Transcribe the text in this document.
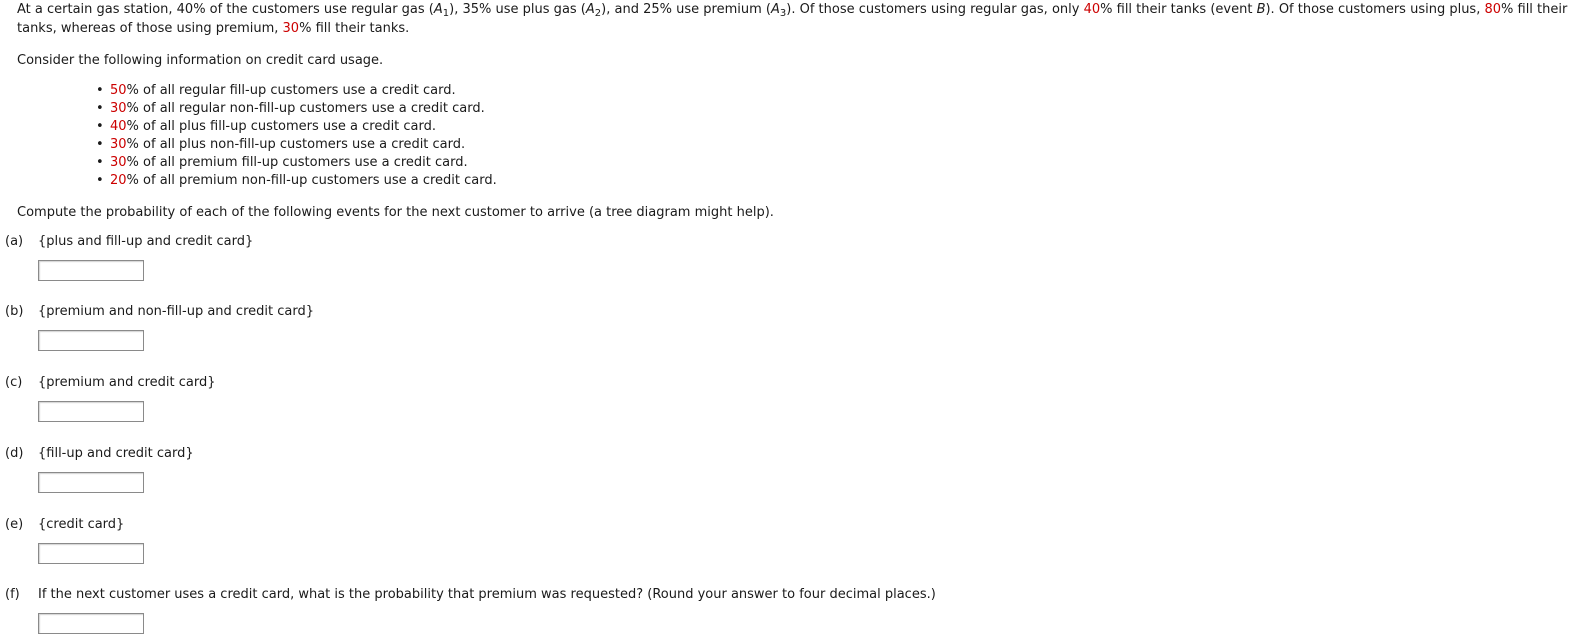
At a certain gas station, 40% of the customers use regular gas $(A_1)$, 35% use plus gas $(A_2)$, and 25% use premium $(A_3)$. Of those customers using regular gas, only 40% fill their tanks (event B). Of those customers using plus, 80% fill their tanks, whereas of those using premium, 30% fill their tanks.
Consider the following information on credit card usage.
• 50% of all regular fill-up customers use a credit card.
• 30% of all regular non-fill-up customers use a credit card.
• 40% of all plus fill-up customers use a credit card.
• 30% of all plus non-fill-up customers use a credit card.
• 30% of all premium fill-up customers use a credit card.
• 20% of all premium non-fill-up customers use a credit card.
Compute the probability of each of the following events for the next customer to arrive (a tree diagram might help).
(a) {plus and fill-up and credit card}
(b) {premium and non-fill-up and credit card}
(c) {premium and credit card}
(d) {fill-up and credit card}
(e) {credit card}
(f) If the next customer uses a credit card, what is the probability that premium was requested? (Round your answer to four decimal places.)
